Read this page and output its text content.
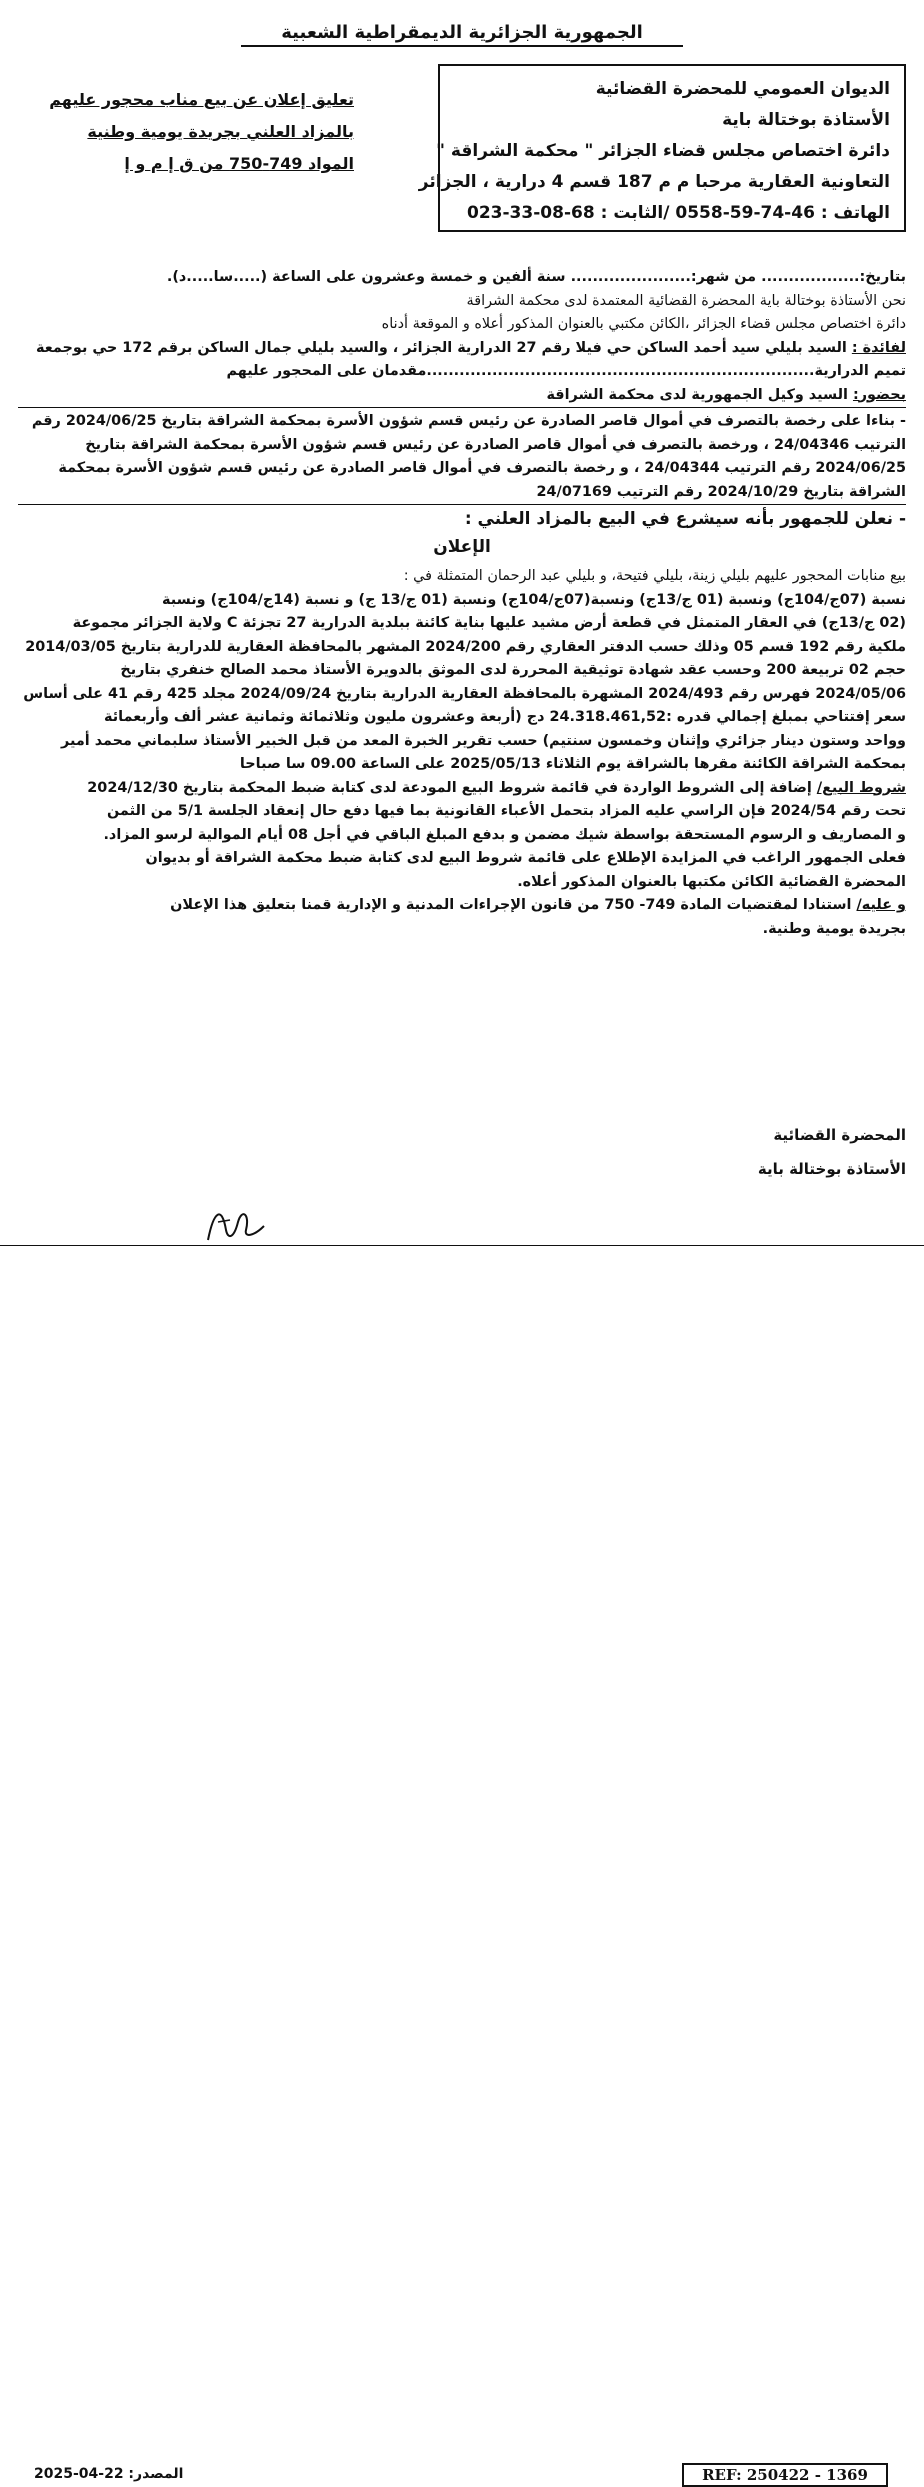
الجمهورية الجزائرية الديمقراطية الشعبية
الديوان العمومي للمحضرة القضائية
الأستاذة بوختالة باية
دائرة اختصاص مجلس قضاء الجزائر " محكمة الشراقة "
التعاونية العقارية مرحبا م م 187 قسم 4 درارية ، الجزائر
الهاتف : 46-74-59-0558 /الثابت : 68-08-33-023
تعليق إعلان عن بيع مناب محجور عليهم
بالمزاد العلني بجريدة يومية وطنية
المواد 749-750 من ق إ م و إ
بتاريخ:.................. من شهر:...................... سنة ألفين و خمسة وعشرون على الساعة (.....سا.....د).
نحن الأستاذة بوختالة باية المحضرة القضائية المعتمدة لدى محكمة الشراقة
دائرة اختصاص مجلس قضاء الجزائر ،الكائن مكتبي بالعنوان المذكور أعلاه و الموقعة أدناه
لفائدة : السيد بليلي سيد أحمد الساكن حي فيلا رقم 27 الدرارية الجزائر ، والسيد بليلي جمال الساكن برقم 172 حي بوجمعة
تميم الدرارية.......................................................................مقدمان على المحجور عليهم
بحضور: السيد وكيل الجمهورية لدى محكمة الشراقة
- بناءا على رخصة بالتصرف في أموال قاصر الصادرة عن رئيس قسم شؤون الأسرة بمحكمة الشراقة بتاريخ 2024/06/25 رقم
الترتيب 24/04346 ، ورخصة بالتصرف في أموال قاصر الصادرة عن رئيس قسم شؤون الأسرة بمحكمة الشراقة بتاريخ
2024/06/25 رقم الترتيب 24/04344 ، و رخصة بالتصرف في أموال قاصر الصادرة عن رئيس قسم شؤون الأسرة بمحكمة
الشراقة بتاريخ 2024/10/29 رقم الترتيب 24/07169
- نعلن للجمهور بأنه سيشرع في البيع بالمزاد العلني :
الإعلان
بيع منابات المحجور عليهم بليلي زينة، بليلي فتيحة، و بليلي عبد الرحمان المتمثلة في :
نسبة (07ج/104ج) ونسبة (01 ج/13ج) ونسبة(07ج/104ج) ونسبة (01 ج/13 ج) و نسبة (14ج/104ج) ونسبة
(02 ج/13ج) في العقار المتمثل في قطعة أرض مشيد عليها بناية كائنة ببلدية الدرارية 27 تجزئة C ولاية الجزائر مجموعة
ملكية رقم 192 قسم 05 وذلك حسب الدفتر العقاري رقم 2024/200 المشهر بالمحافظة العقارية للدرارية بتاريخ 2014/03/05
حجم 02 تربيعة 200 وحسب عقد شهادة توثيقية المحررة لدى الموثق بالدويرة الأستاذ محمد الصالح خنفري بتاريخ
2024/05/06 فهرس رقم 2024/493 المشهرة بالمحافظة العقارية الدرارية بتاريخ 2024/09/24 مجلد 425 رقم 41 على أساس
سعر إفتتاحي بمبلغ إجمالي قدره :24.318.461,52 دج (أربعة وعشرون مليون وثلاثمائة وثمانية عشر ألف وأربعمائة
وواحد وستون دينار جزائري وإثنان وخمسون سنتيم) حسب تقرير الخبرة المعد من قبل الخبير الأستاذ سلبماني محمد أمير
بمحكمة الشراقة الكائنة مقرها بالشراقة يوم الثلاثاء 2025/05/13 على الساعة 09.00 سا صباحا
شروط البيع/ إضافة إلى الشروط الواردة في قائمة شروط البيع المودعة لدى كتابة ضبط المحكمة بتاريخ 2024/12/30
تحت رقم 2024/54 فإن الراسي عليه المزاد بتحمل الأعباء القانونية بما فيها دفع حال إنعقاد الجلسة 5/1 من الثمن
و المصاريف و الرسوم المستحقة بواسطة شيك مضمن و بدفع المبلغ الباقي في أجل 08 أيام الموالية لرسو المزاد.
فعلى الجمهور الراغب في المزايدة الإطلاع على قائمة شروط البيع لدى كتابة ضبط محكمة الشراقة أو بديوان
المحضرة القضائية الكائن مكتبها بالعنوان المذكور أعلاه.
و عليه/ استنادا لمقتضيات المادة 749- 750 من قانون الإجراءات المدنية و الإدارية قمنا بتعليق هذا الإعلان
بجريدة يومية وطنية.
المحضرة القضائية
الأستاذة بوختالة باية
REF: 250422 - 1369
المصدر: 22-04-2025
